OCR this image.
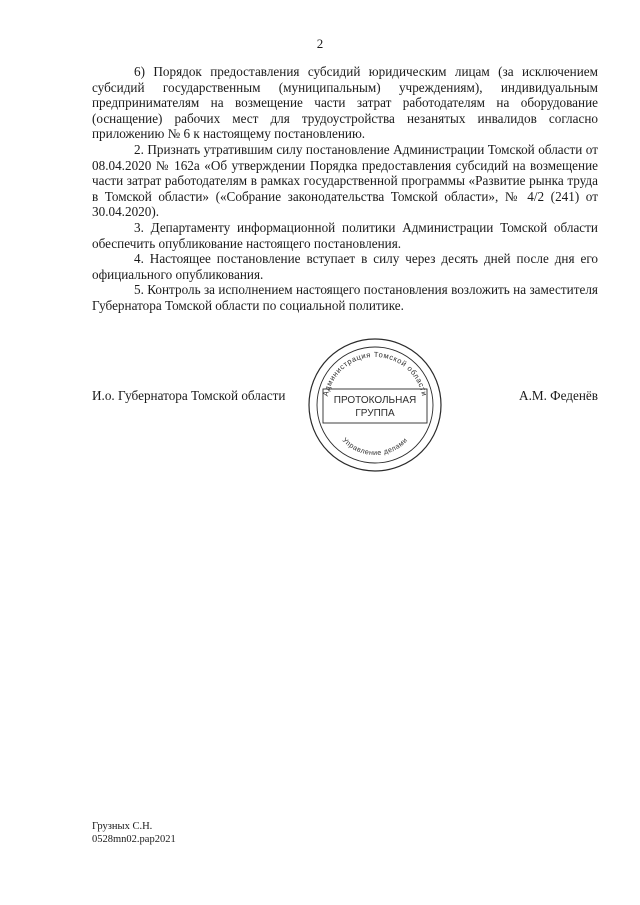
2

6) Порядок предоставления субсидий юридическим лицам (за исключением субсидий государственным (муниципальным) учреждениям), индивидуальным предпринимателям на возмещение части затрат работодателям на оборудование (оснащение) рабочих мест для трудоустройства незанятых инвалидов согласно приложению № 6 к настоящему постановлению.

2. Признать утратившим силу постановление Администрации Томской области от 08.04.2020 № 162а «Об утверждении Порядка предоставления субсидий на возмещение части затрат работодателям в рамках государственной программы «Развитие рынка труда в Томской области» («Собрание законодательства Томской области», № 4/2 (241) от 30.04.2020).

3. Департаменту информационной политики Администрации Томской области обеспечить опубликование настоящего постановления.

4. Настоящее постановление вступает в силу через десять дней после дня его официального опубликования.

5. Контроль за исполнением настоящего постановления возложить на заместителя Губернатора Томской области по социальной политике.

И.о. Губернатора Томской области	А.М. Феденёв
Администрация Томской области
Управление делами
ПРОТОКОЛЬНАЯ
ГРУППА
Грузных С.Н.
0528mn02.pap2021
